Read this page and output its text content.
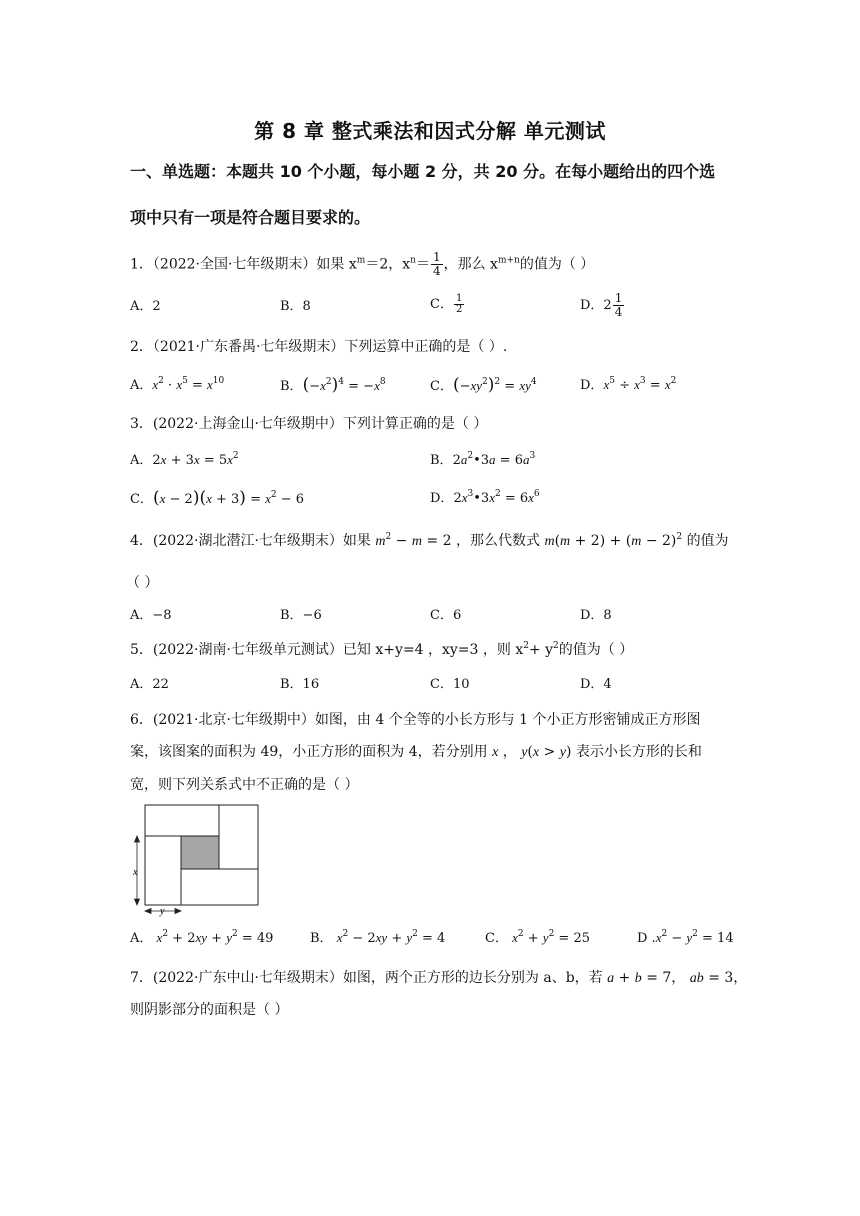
第 8 章 整式乘法和因式分解 单元测试
一、单选题：本题共 10 个小题，每小题 2 分，共 20 分。在每小题给出的四个选
项中只有一项是符合题目要求的。
1．（2022·全国·七年级期末）如果 $x^m=2$，$x^n= \frac{1}{4}$ ，那么 $x^{m+n}$的值为（ ）
A．2	B．8	C． $\frac{1}{2}$	D．$2 \frac{1}{4}$
2．（2021·广东番禺·七年级期末）下列运算中正确的是（ ）.
A．$x^2 \cdot x^5 = x^{10}$	B．$(-x^2)^4 = -x^8$	C．$(-xy^2)^2 = xy^4$	D．$x^5 \div x^3 = x^2$
3．(2022·上海金山·七年级期中）下列计算正确的是（ ）
A．$2x + 3x = 5x^2$	B．$2a^2•3a = 6a^3$
C．$(x - 2)(x + 3) = x^2 - 6$	D．$2x^3•3x^2 = 6x^6$
4．(2022·湖北潜江·七年级期末）如果 $m^2 - m = 2$ ，那么代数式 $m(m + 2) + (m - 2)^2$ 的值为
（ ）
A．−8	B．−6	C．6	D．8
5．(2022·湖南·七年级单元测试）已知 x+y=4 ，xy=3 ，则 $x^2+ y^2$的值为（ ）
A．22	B．16	C．10	D．4
6．(2021·北京·七年级期中）如图，由 4 个全等的小长方形与 1 个小正方形密铺成正方形图
案，该图案的面积为 49，小正方形的面积为 4，若分别用 x ， y(x > y) 表示小长方形的长和
宽，则下列关系式中不正确的是（ ）
x
y
A． $x^2 + 2xy + y^2 = 49$	B． $x^2 - 2xy + y^2 = 4$	C． $x^2 + y^2 = 25$	D $.x^2 - y^2 = 14$
7．(2022·广东中山·七年级期末）如图，两个正方形的边长分别为 a、b，若 a + b = 7， ab = 3，
则阴影部分的面积是（ ）
